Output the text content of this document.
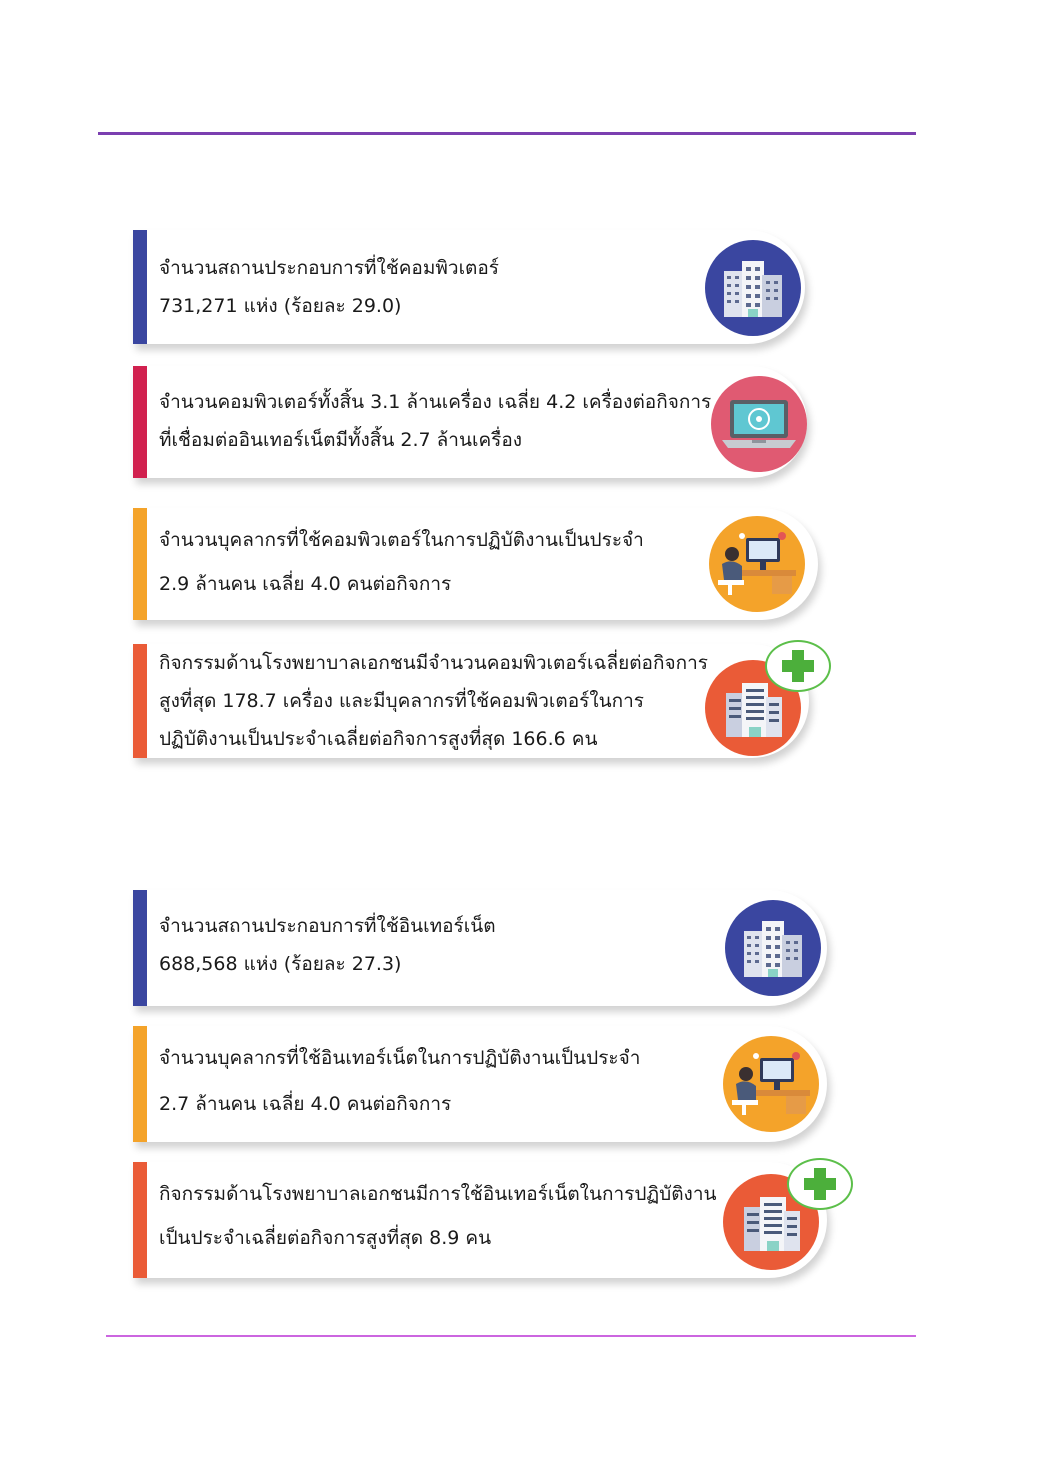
จำนวนสถานประกอบการที่ใช้คอมพิวเตอร์
731,271 แห่ง (ร้อยละ 29.0)
จำนวนคอมพิวเตอร์ทั้งสิ้น 3.1 ล้านเครื่อง เฉลี่ย 4.2 เครื่องต่อกิจการ
ที่เชื่อมต่ออินเทอร์เน็ตมีทั้งสิ้น 2.7 ล้านเครื่อง
จำนวนบุคลากรที่ใช้คอมพิวเตอร์ในการปฏิบัติงานเป็นประจำ
2.9 ล้านคน เฉลี่ย 4.0 คนต่อกิจการ
กิจกรรมด้านโรงพยาบาลเอกชนมีจำนวนคอมพิวเตอร์เฉลี่ยต่อกิจการ
สูงที่สุด 178.7 เครื่อง และมีบุคลากรที่ใช้คอมพิวเตอร์ในการ
ปฏิบัติงานเป็นประจำเฉลี่ยต่อกิจการสูงที่สุด 166.6 คน
จำนวนสถานประกอบการที่ใช้อินเทอร์เน็ต
688,568 แห่ง (ร้อยละ 27.3)
จำนวนบุคลากรที่ใช้อินเทอร์เน็ตในการปฏิบัติงานเป็นประจำ
2.7 ล้านคน เฉลี่ย 4.0 คนต่อกิจการ
กิจกรรมด้านโรงพยาบาลเอกชนมีการใช้อินเทอร์เน็ตในการปฏิบัติงาน
เป็นประจำเฉลี่ยต่อกิจการสูงที่สุด 8.9 คน
